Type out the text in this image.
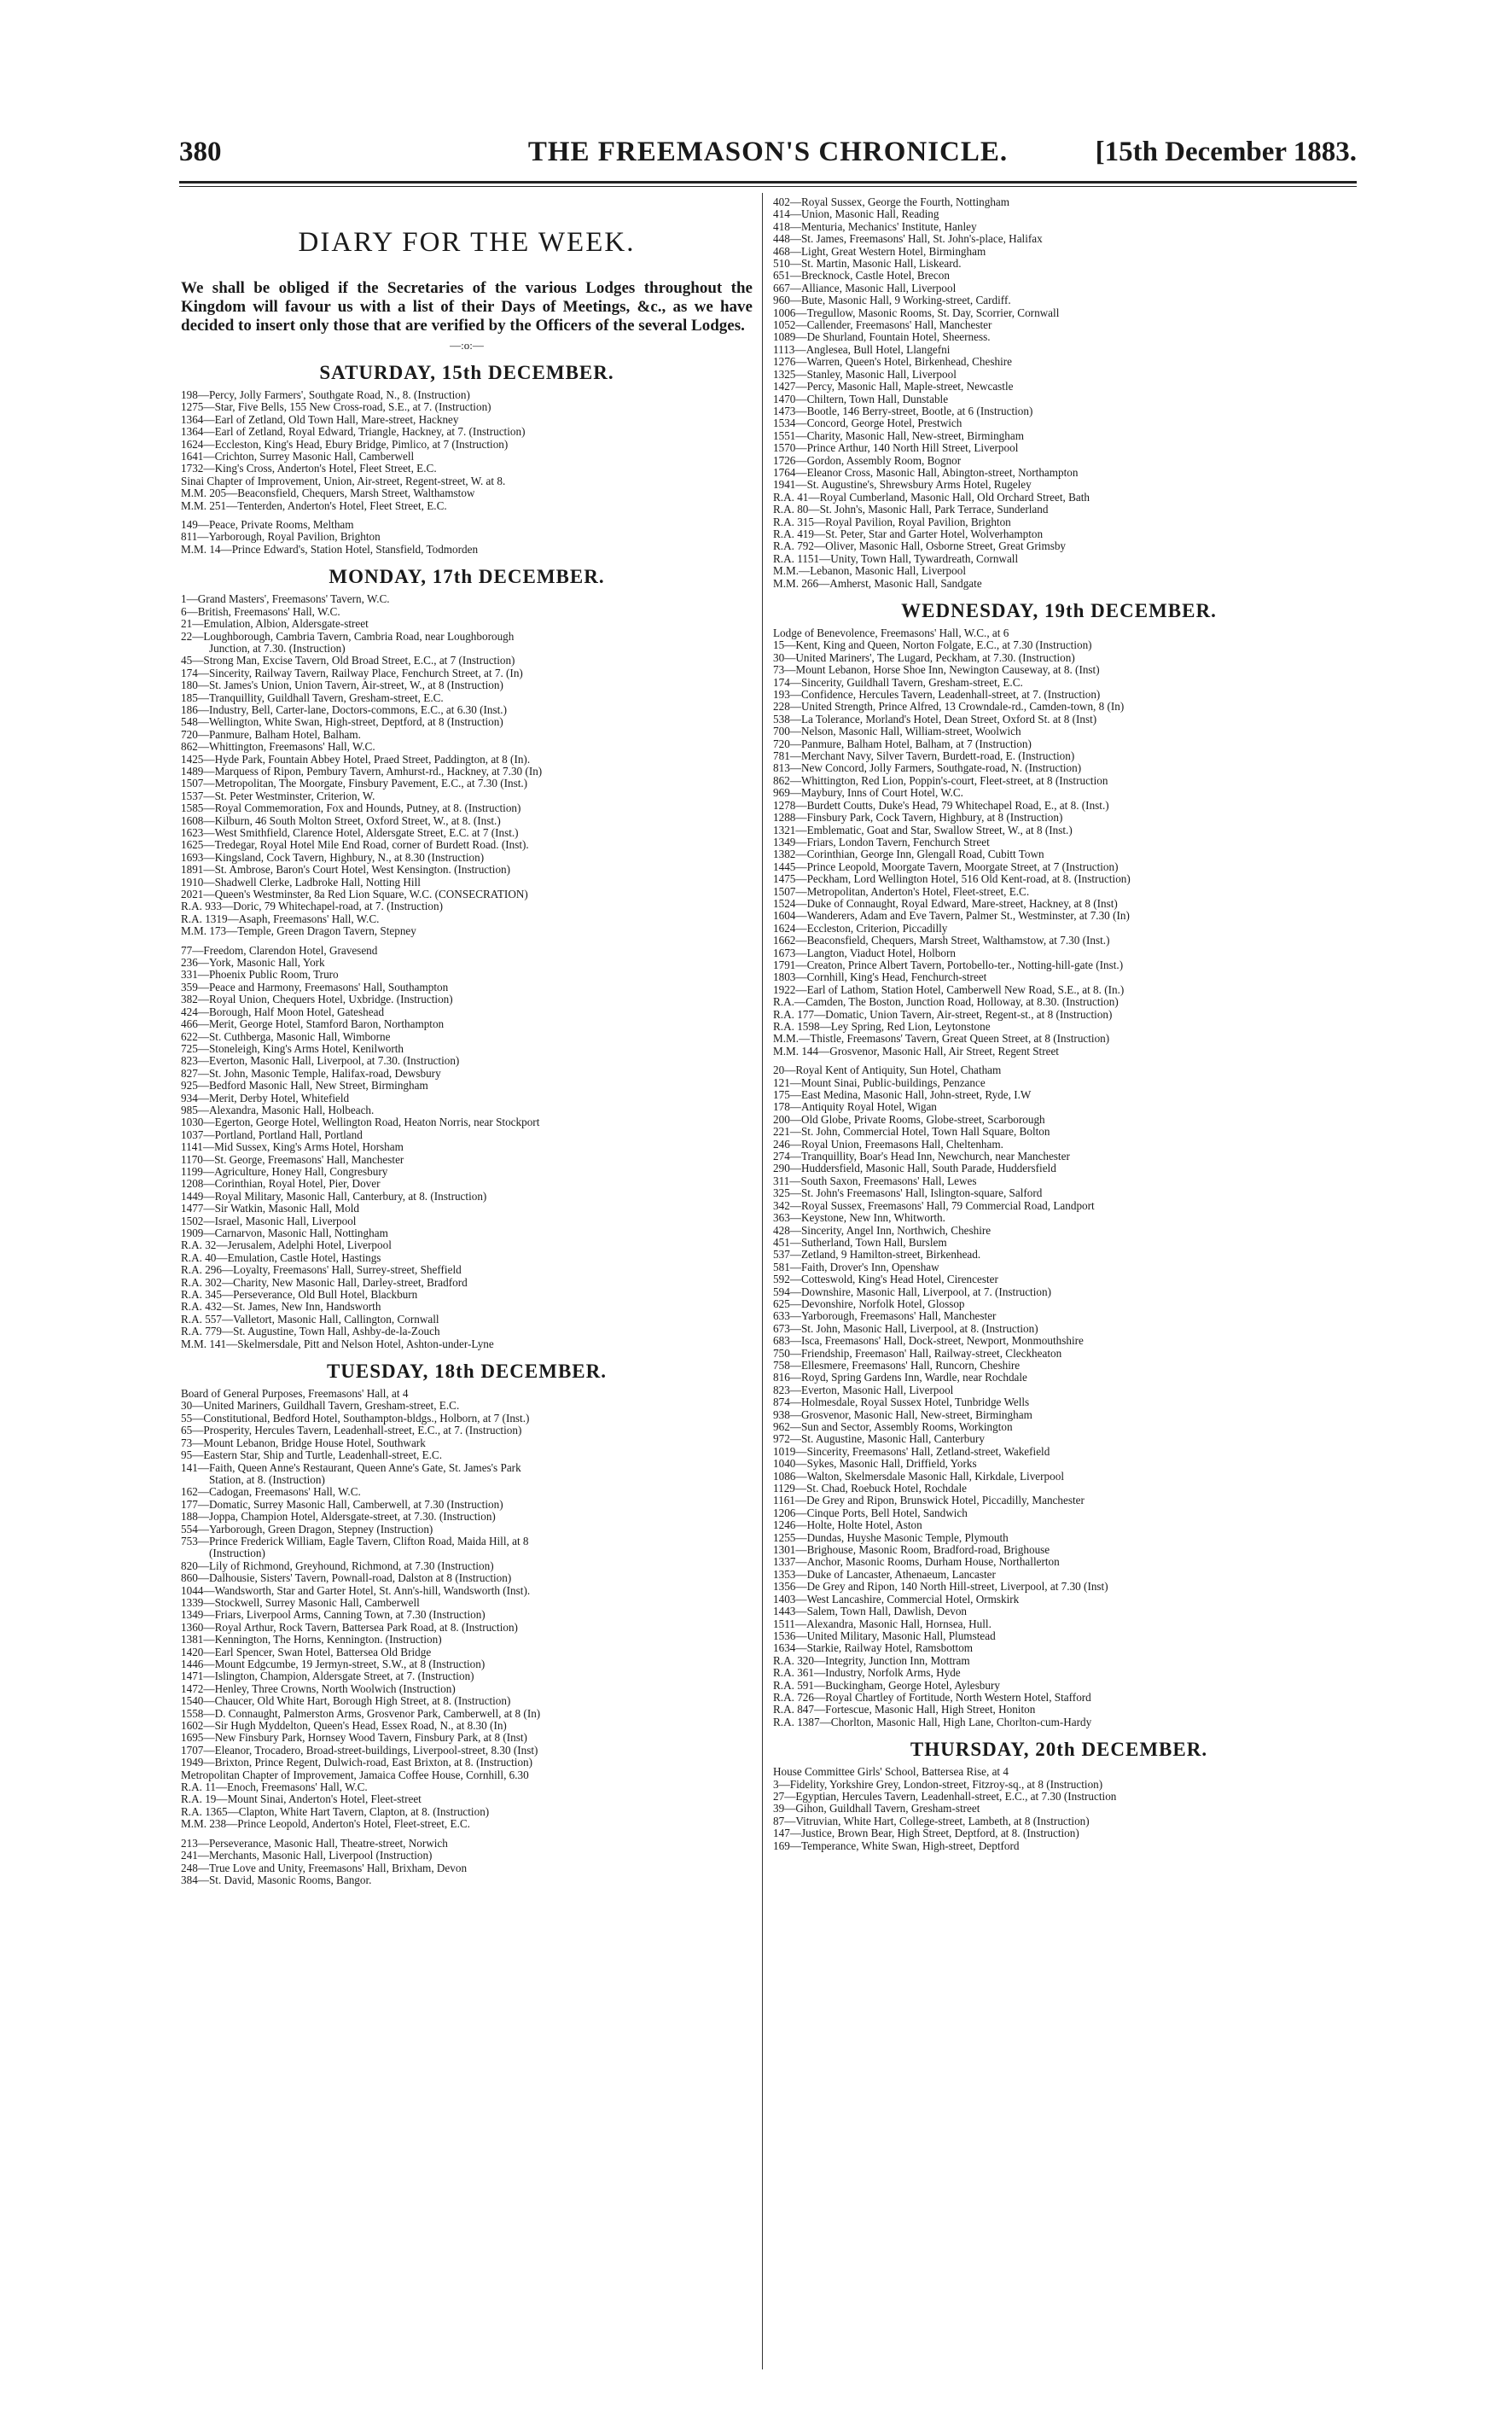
380	THE FREEMASON'S CHRONICLE.	[15th December 1883.
DIARY FOR THE WEEK.

We shall be obliged if the Secretaries of the various Lodges throughout the Kingdom will favour us with a list of their Days of Meetings, &c., as we have decided to insert only those that are verified by the Officers of the several Lodges.

—:o:—
SATURDAY, 15th DECEMBER.
198—Percy, Jolly Farmers', Southgate Road, N., 8. (Instruction)
1275—Star, Five Bells, 155 New Cross-road, S.E., at 7. (Instruction)
1364—Earl of Zetland, Old Town Hall, Mare-street, Hackney
1364—Earl of Zetland, Royal Edward, Triangle, Hackney, at 7. (Instruction)
1624—Eccleston, King's Head, Ebury Bridge, Pimlico, at 7 (Instruction)
1641—Crichton, Surrey Masonic Hall, Camberwell
1732—King's Cross, Anderton's Hotel, Fleet Street, E.C.
Sinai Chapter of Improvement, Union, Air-street, Regent-street, W. at 8.
M.M. 205—Beaconsfield, Chequers, Marsh Street, Walthamstow
M.M. 251—Tenterden, Anderton's Hotel, Fleet Street, E.C.
149—Peace, Private Rooms, Meltham
811—Yarborough, Royal Pavilion, Brighton
M.M. 14—Prince Edward's, Station Hotel, Stansfield, Todmorden
MONDAY, 17th DECEMBER.
1—Grand Masters', Freemasons' Tavern, W.C.
6—British, Freemasons' Hall, W.C.
21—Emulation, Albion, Aldersgate-street
22—Loughborough, Cambria Tavern, Cambria Road, near Loughborough
Junction, at 7.30. (Instruction)
45—Strong Man, Excise Tavern, Old Broad Street, E.C., at 7 (Instruction)
174—Sincerity, Railway Tavern, Railway Place, Fenchurch Street, at 7. (In)
180—St. James's Union, Union Tavern, Air-street, W., at 8 (Instruction)
185—Tranquillity, Guildhall Tavern, Gresham-street, E.C.
186—Industry, Bell, Carter-lane, Doctors-commons, E.C., at 6.30 (Inst.)
548—Wellington, White Swan, High-street, Deptford, at 8 (Instruction)
720—Panmure, Balham Hotel, Balham.
862—Whittington, Freemasons' Hall, W.C.
1425—Hyde Park, Fountain Abbey Hotel, Praed Street, Paddington, at 8 (In).
1489—Marquess of Ripon, Pembury Tavern, Amhurst-rd., Hackney, at 7.30 (In)
1507—Metropolitan, The Moorgate, Finsbury Pavement, E.C., at 7.30 (Inst.)
1537—St. Peter Westminster, Criterion, W.
1585—Royal Commemoration, Fox and Hounds, Putney, at 8. (Instruction)
1608—Kilburn, 46 South Molton Street, Oxford Street, W., at 8. (Inst.)
1623—West Smithfield, Clarence Hotel, Aldersgate Street, E.C. at 7 (Inst.)
1625—Tredegar, Royal Hotel Mile End Road, corner of Burdett Road. (Inst).
1693—Kingsland, Cock Tavern, Highbury, N., at 8.30 (Instruction)
1891—St. Ambrose, Baron's Court Hotel, West Kensington. (Instruction)
1910—Shadwell Clerke, Ladbroke Hall, Notting Hill
2021—Queen's Westminster, 8a Red Lion Square, W.C. (CONSECRATION)
R.A. 933—Doric, 79 Whitechapel-road, at 7. (Instruction)
R.A. 1319—Asaph, Freemasons' Hall, W.C.
M.M. 173—Temple, Green Dragon Tavern, Stepney
77—Freedom, Clarendon Hotel, Gravesend
236—York, Masonic Hall, York
331—Phoenix Public Room, Truro
359—Peace and Harmony, Freemasons' Hall, Southampton
382—Royal Union, Chequers Hotel, Uxbridge. (Instruction)
424—Borough, Half Moon Hotel, Gateshead
466—Merit, George Hotel, Stamford Baron, Northampton
622—St. Cuthberga, Masonic Hall, Wimborne
725—Stoneleigh, King's Arms Hotel, Kenilworth
823—Everton, Masonic Hall, Liverpool, at 7.30. (Instruction)
827—St. John, Masonic Temple, Halifax-road, Dewsbury
925—Bedford Masonic Hall, New Street, Birmingham
934—Merit, Derby Hotel, Whitefield
985—Alexandra, Masonic Hall, Holbeach.
1030—Egerton, George Hotel, Wellington Road, Heaton Norris, near Stockport
1037—Portland, Portland Hall, Portland
1141—Mid Sussex, King's Arms Hotel, Horsham
1170—St. George, Freemasons' Hall, Manchester
1199—Agriculture, Honey Hall, Congresbury
1208—Corinthian, Royal Hotel, Pier, Dover
1449—Royal Military, Masonic Hall, Canterbury, at 8. (Instruction)
1477—Sir Watkin, Masonic Hall, Mold
1502—Israel, Masonic Hall, Liverpool
1909—Carnarvon, Masonic Hall, Nottingham
R.A. 32—Jerusalem, Adelphi Hotel, Liverpool
R.A. 40—Emulation, Castle Hotel, Hastings
R.A. 296—Loyalty, Freemasons' Hall, Surrey-street, Sheffield
R.A. 302—Charity, New Masonic Hall, Darley-street, Bradford
R.A. 345—Perseverance, Old Bull Hotel, Blackburn
R.A. 432—St. James, New Inn, Handsworth
R.A. 557—Valletort, Masonic Hall, Callington, Cornwall
R.A. 779—St. Augustine, Town Hall, Ashby-de-la-Zouch
M.M. 141—Skelmersdale, Pitt and Nelson Hotel, Ashton-under-Lyne
TUESDAY, 18th DECEMBER.
Board of General Purposes, Freemasons' Hall, at 4
30—United Mariners, Guildhall Tavern, Gresham-street, E.C.
55—Constitutional, Bedford Hotel, Southampton-bldgs., Holborn, at 7 (Inst.)
65—Prosperity, Hercules Tavern, Leadenhall-street, E.C., at 7. (Instruction)
73—Mount Lebanon, Bridge House Hotel, Southwark
95—Eastern Star, Ship and Turtle, Leadenhall-street, E.C.
141—Faith, Queen Anne's Restaurant, Queen Anne's Gate, St. James's Park
Station, at 8. (Instruction)
162—Cadogan, Freemasons' Hall, W.C.
177—Domatic, Surrey Masonic Hall, Camberwell, at 7.30 (Instruction)
188—Joppa, Champion Hotel, Aldersgate-street, at 7.30. (Instruction)
554—Yarborough, Green Dragon, Stepney (Instruction)
753—Prince Frederick William, Eagle Tavern, Clifton Road, Maida Hill, at 8
(Instruction)
820—Lily of Richmond, Greyhound, Richmond, at 7.30 (Instruction)
860—Dalhousie, Sisters' Tavern, Pownall-road, Dalston at 8 (Instruction)
1044—Wandsworth, Star and Garter Hotel, St. Ann's-hill, Wandsworth (Inst).
1339—Stockwell, Surrey Masonic Hall, Camberwell
1349—Friars, Liverpool Arms, Canning Town, at 7.30 (Instruction)
1360—Royal Arthur, Rock Tavern, Battersea Park Road, at 8. (Instruction)
1381—Kennington, The Horns, Kennington. (Instruction)
1420—Earl Spencer, Swan Hotel, Battersea Old Bridge
1446—Mount Edgcumbe, 19 Jermyn-street, S.W., at 8 (Instruction)
1471—Islington, Champion, Aldersgate Street, at 7. (Instruction)
1472—Henley, Three Crowns, North Woolwich (Instruction)
1540—Chaucer, Old White Hart, Borough High Street, at 8. (Instruction)
1558—D. Connaught, Palmerston Arms, Grosvenor Park, Camberwell, at 8 (In)
1602—Sir Hugh Myddelton, Queen's Head, Essex Road, N., at 8.30 (In)
1695—New Finsbury Park, Hornsey Wood Tavern, Finsbury Park, at 8 (Inst)
1707—Eleanor, Trocadero, Broad-street-buildings, Liverpool-street, 8.30 (Inst)
1949—Brixton, Prince Regent, Dulwich-road, East Brixton, at 8. (Instruction)
Metropolitan Chapter of Improvement, Jamaica Coffee House, Cornhill, 6.30
R.A. 11—Enoch, Freemasons' Hall, W.C.
R.A. 19—Mount Sinai, Anderton's Hotel, Fleet-street
R.A. 1365—Clapton, White Hart Tavern, Clapton, at 8. (Instruction)
M.M. 238—Prince Leopold, Anderton's Hotel, Fleet-street, E.C.
213—Perseverance, Masonic Hall, Theatre-street, Norwich
241—Merchants, Masonic Hall, Liverpool (Instruction)
248—True Love and Unity, Freemasons' Hall, Brixham, Devon
384—St. David, Masonic Rooms, Bangor.
402—Royal Sussex, George the Fourth, Nottingham
414—Union, Masonic Hall, Reading
418—Menturia, Mechanics' Institute, Hanley
448—St. James, Freemasons' Hall, St. John's-place, Halifax
468—Light, Great Western Hotel, Birmingham
510—St. Martin, Masonic Hall, Liskeard.
651—Brecknock, Castle Hotel, Brecon
667—Alliance, Masonic Hall, Liverpool
960—Bute, Masonic Hall, 9 Working-street, Cardiff.
1006—Tregullow, Masonic Rooms, St. Day, Scorrier, Cornwall
1052—Callender, Freemasons' Hall, Manchester
1089—De Shurland, Fountain Hotel, Sheerness.
1113—Anglesea, Bull Hotel, Llangefni
1276—Warren, Queen's Hotel, Birkenhead, Cheshire
1325—Stanley, Masonic Hall, Liverpool
1427—Percy, Masonic Hall, Maple-street, Newcastle
1470—Chiltern, Town Hall, Dunstable
1473—Bootle, 146 Berry-street, Bootle, at 6 (Instruction)
1534—Concord, George Hotel, Prestwich
1551—Charity, Masonic Hall, New-street, Birmingham
1570—Prince Arthur, 140 North Hill Street, Liverpool
1726—Gordon, Assembly Room, Bognor
1764—Eleanor Cross, Masonic Hall, Abington-street, Northampton
1941—St. Augustine's, Shrewsbury Arms Hotel, Rugeley
R.A. 41—Royal Cumberland, Masonic Hall, Old Orchard Street, Bath
R.A. 80—St. John's, Masonic Hall, Park Terrace, Sunderland
R.A. 315—Royal Pavilion, Royal Pavilion, Brighton
R.A. 419—St. Peter, Star and Garter Hotel, Wolverhampton
R.A. 792—Oliver, Masonic Hall, Osborne Street, Great Grimsby
R.A. 1151—Unity, Town Hall, Tywardreath, Cornwall
M.M.—Lebanon, Masonic Hall, Liverpool
M.M. 266—Amherst, Masonic Hall, Sandgate
WEDNESDAY, 19th DECEMBER.
Lodge of Benevolence, Freemasons' Hall, W.C., at 6
15—Kent, King and Queen, Norton Folgate, E.C., at 7.30 (Instruction)
30—United Mariners', The Lugard, Peckham, at 7.30. (Instruction)
73—Mount Lebanon, Horse Shoe Inn, Newington Causeway, at 8. (Inst)
174—Sincerity, Guildhall Tavern, Gresham-street, E.C.
193—Confidence, Hercules Tavern, Leadenhall-street, at 7. (Instruction)
228—United Strength, Prince Alfred, 13 Crowndale-rd., Camden-town, 8 (In)
538—La Tolerance, Morland's Hotel, Dean Street, Oxford St. at 8 (Inst)
700—Nelson, Masonic Hall, William-street, Woolwich
720—Panmure, Balham Hotel, Balham, at 7 (Instruction)
781—Merchant Navy, Silver Tavern, Burdett-road, E. (Instruction)
813—New Concord, Jolly Farmers, Southgate-road, N. (Instruction)
862—Whittington, Red Lion, Poppin's-court, Fleet-street, at 8 (Instruction
969—Maybury, Inns of Court Hotel, W.C.
1278—Burdett Coutts, Duke's Head, 79 Whitechapel Road, E., at 8. (Inst.)
1288—Finsbury Park, Cock Tavern, Highbury, at 8 (Instruction)
1321—Emblematic, Goat and Star, Swallow Street, W., at 8 (Inst.)
1349—Friars, London Tavern, Fenchurch Street
1382—Corinthian, George Inn, Glengall Road, Cubitt Town
1445—Prince Leopold, Moorgate Tavern, Moorgate Street, at 7 (Instruction)
1475—Peckham, Lord Wellington Hotel, 516 Old Kent-road, at 8. (Instruction)
1507—Metropolitan, Anderton's Hotel, Fleet-street, E.C.
1524—Duke of Connaught, Royal Edward, Mare-street, Hackney, at 8 (Inst)
1604—Wanderers, Adam and Eve Tavern, Palmer St., Westminster, at 7.30 (In)
1624—Eccleston, Criterion, Piccadilly
1662—Beaconsfield, Chequers, Marsh Street, Walthamstow, at 7.30 (Inst.)
1673—Langton, Viaduct Hotel, Holborn
1791—Creaton, Prince Albert Tavern, Portobello-ter., Notting-hill-gate (Inst.)
1803—Cornhill, King's Head, Fenchurch-street
1922—Earl of Lathom, Station Hotel, Camberwell New Road, S.E., at 8. (In.)
R.A.—Camden, The Boston, Junction Road, Holloway, at 8.30. (Instruction)
R.A. 177—Domatic, Union Tavern, Air-street, Regent-st., at 8 (Instruction)
R.A. 1598—Ley Spring, Red Lion, Leytonstone
M.M.—Thistle, Freemasons' Tavern, Great Queen Street, at 8 (Instruction)
M.M. 144—Grosvenor, Masonic Hall, Air Street, Regent Street
20—Royal Kent of Antiquity, Sun Hotel, Chatham
121—Mount Sinai, Public-buildings, Penzance
175—East Medina, Masonic Hall, John-street, Ryde, I.W
178—Antiquity Royal Hotel, Wigan
200—Old Globe, Private Rooms, Globe-street, Scarborough
221—St. John, Commercial Hotel, Town Hall Square, Bolton
246—Royal Union, Freemasons Hall, Cheltenham.
274—Tranquillity, Boar's Head Inn, Newchurch, near Manchester
290—Huddersfield, Masonic Hall, South Parade, Huddersfield
311—South Saxon, Freemasons' Hall, Lewes
325—St. John's Freemasons' Hall, Islington-square, Salford
342—Royal Sussex, Freemasons' Hall, 79 Commercial Road, Landport
363—Keystone, New Inn, Whitworth.
428—Sincerity, Angel Inn, Northwich, Cheshire
451—Sutherland, Town Hall, Burslem
537—Zetland, 9 Hamilton-street, Birkenhead.
581—Faith, Drover's Inn, Openshaw
592—Cotteswold, King's Head Hotel, Cirencester
594—Downshire, Masonic Hall, Liverpool, at 7. (Instruction)
625—Devonshire, Norfolk Hotel, Glossop
633—Yarborough, Freemasons' Hall, Manchester
673—St. John, Masonic Hall, Liverpool, at 8. (Instruction)
683—Isca, Freemasons' Hall, Dock-street, Newport, Monmouthshire
750—Friendship, Freemason' Hall, Railway-street, Cleckheaton
758—Ellesmere, Freemasons' Hall, Runcorn, Cheshire
816—Royd, Spring Gardens Inn, Wardle, near Rochdale
823—Everton, Masonic Hall, Liverpool
874—Holmesdale, Royal Sussex Hotel, Tunbridge Wells
938—Grosvenor, Masonic Hall, New-street, Birmingham
962—Sun and Sector, Assembly Rooms, Workington
972—St. Augustine, Masonic Hall, Canterbury
1019—Sincerity, Freemasons' Hall, Zetland-street, Wakefield
1040—Sykes, Masonic Hall, Driffield, Yorks
1086—Walton, Skelmersdale Masonic Hall, Kirkdale, Liverpool
1129—St. Chad, Roebuck Hotel, Rochdale
1161—De Grey and Ripon, Brunswick Hotel, Piccadilly, Manchester
1206—Cinque Ports, Bell Hotel, Sandwich
1246—Holte, Holte Hotel, Aston
1255—Dundas, Huyshe Masonic Temple, Plymouth
1301—Brighouse, Masonic Room, Bradford-road, Brighouse
1337—Anchor, Masonic Rooms, Durham House, Northallerton
1353—Duke of Lancaster, Athenaeum, Lancaster
1356—De Grey and Ripon, 140 North Hill-street, Liverpool, at 7.30 (Inst)
1403—West Lancashire, Commercial Hotel, Ormskirk
1443—Salem, Town Hall, Dawlish, Devon
1511—Alexandra, Masonic Hall, Hornsea, Hull.
1536—United Military, Masonic Hall, Plumstead
1634—Starkie, Railway Hotel, Ramsbottom
R.A. 320—Integrity, Junction Inn, Mottram
R.A. 361—Industry, Norfolk Arms, Hyde
R.A. 591—Buckingham, George Hotel, Aylesbury
R.A. 726—Royal Chartley of Fortitude, North Western Hotel, Stafford
R.A. 847—Fortescue, Masonic Hall, High Street, Honiton
R.A. 1387—Chorlton, Masonic Hall, High Lane, Chorlton-cum-Hardy
THURSDAY, 20th DECEMBER.
House Committee Girls' School, Battersea Rise, at 4
3—Fidelity, Yorkshire Grey, London-street, Fitzroy-sq., at 8 (Instruction)
27—Egyptian, Hercules Tavern, Leadenhall-street, E.C., at 7.30 (Instruction
39—Gihon, Guildhall Tavern, Gresham-street
87—Vitruvian, White Hart, College-street, Lambeth, at 8 (Instruction)
147—Justice, Brown Bear, High Street, Deptford, at 8. (Instruction)
169—Temperance, White Swan, High-street, Deptford
